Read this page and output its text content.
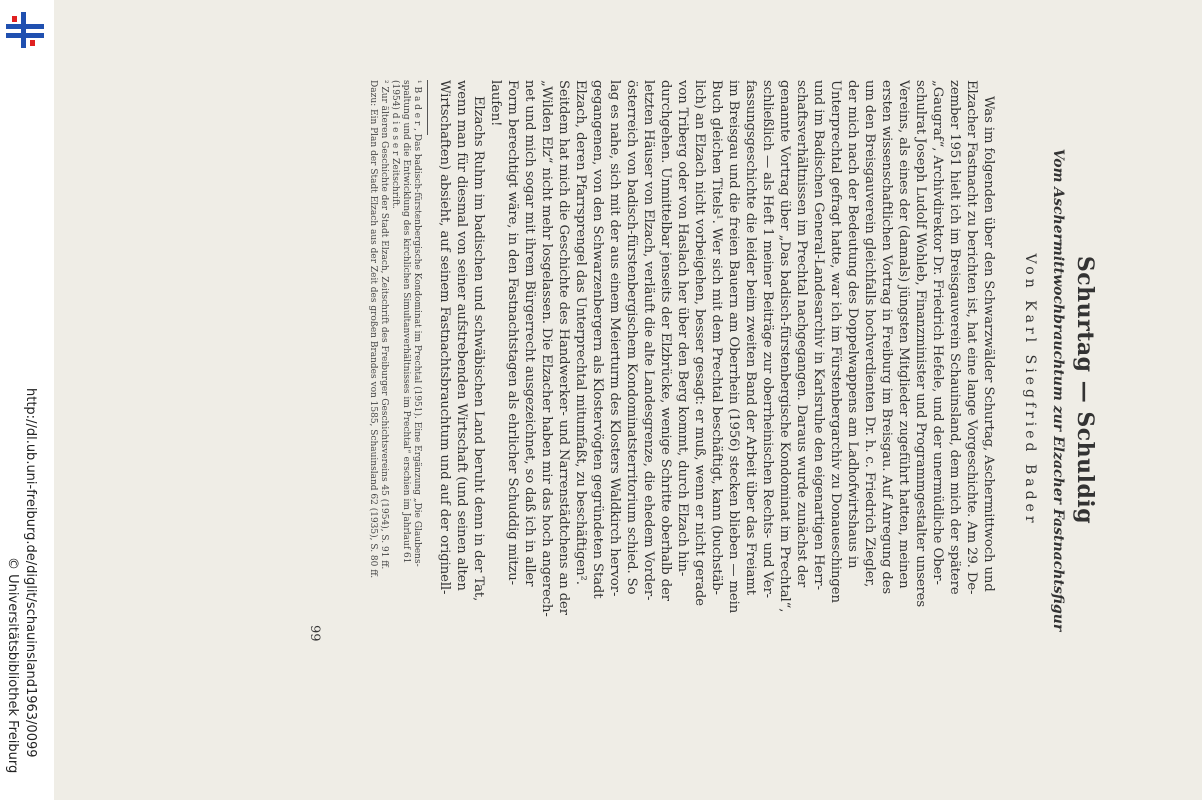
http://dl.ub.uni-freiburg.de/diglit/schauinsland1963/0099
© Universitätsbibliothek Freiburg
Schurtag — Schuldig
Vom Aschermittwochbrauchtum zur Elzacher Fastnachtsfigur
Von Karl Siegfried Bader
Was im folgenden über den Schwarzwälder Schurtag, Aschermittwoch und
Elzacher Fastnacht zu berichten ist, hat eine lange Vorgeschichte. Am 29. De-
zember 1951 hielt ich im Breisgauverein Schauinsland, dem mich der spätere
„Gaugraf“, Archivdirektor Dr. Friedrich Hefele, und der unermüdliche Ober-
schulrat Joseph Ludolf Wohleb, Finanzminister und Programmgestalter unseres
Vereins, als eines der (damals) jüngsten Mitglieder zugeführt hatten, meinen
ersten wissenschaftlichen Vortrag in Freiburg im Breisgau. Auf Anregung des
um den Breisgauverein gleichfalls hochverdienten Dr. h. c. Friedrich Ziegler,
der mich nach der Bedeutung des Doppelwappens am Ladhofwirtshaus in
Unterprechtal gefragt hatte, war ich im Fürstenbergarchiv zu Donaueschingen
und im Badischen General-Landesarchiv in Karlsruhe den eigenartigen Herr-
schaftsverhältnissen im Prechtal nachgegangen. Daraus wurde zunächst der
genannte Vortrag über „Das badisch-fürstenbergische Kondominat im Prechtal“,
schließlich — als Heft 1 meiner Beiträge zur oberrheinischen Rechts- und Ver-
fassungsgeschichte die leider beim zweiten Band der Arbeit über das Freiamt
im Breisgau und die freien Bauern am Oberrhein (1956) stecken blieben — mein
Buch gleichen Titels¹. Wer sich mit dem Prechtal beschäftigt, kann (buchstäb-
lich) an Elzach nicht vorbeigehen, besser gesagt: er muß, wenn er nicht gerade
von Triberg oder von Haslach her über den Berg kommt, durch Elzach hin-
durchgehen. Unmittelbar jenseits der Elzbrücke, wenige Schritte oberhalb der
letzten Häuser von Elzach, verläuft die alte Landesgrenze, die ehedem Vorder-
österreich von badisch-fürstenbergischem Kondominatsterritorium schied. So
lag es nahe, sich mit der aus einem Meierturm des Klosters Waldkirch hervor-
gegangenen, von den Schwarzenbergern als Klostervögten gegründeten Stadt
Elzach, deren Pfarrsprengel das Unterprechtal mitumfaßt, zu beschäftigen².
Seitdem hat mich die Geschichte des Handwerker- und Narrenstädtchens an der
„Wilden Elz“ nicht mehr losgelassen. Die Elzacher haben mir das hoch angerech-
net und mich sogar mit ihrem Bürgerrecht ausgezeichnet, so daß ich in aller
Form berechtigt wäre, in den Fastnachtstagen als ehrlicher Schuddig mitzu-
laufen!
Elzachs Ruhm im badischen und schwäbischen Land beruht denn in der Tat,
wenn man für diesmal von seiner aufstrebenden Wirtschaft (und seinen alten
Wirtschaften) absieht, auf seinem Fastnachtsbrauchtum und auf der originell-
¹ B a d e r , Das badisch-fürstenbergische Kondominat im Prechtal (1951). Eine Ergänzung „Die Glaubens-
spaltung und die Entwicklung des kirchlichen Simultanverhältnisses im Prechtal“ erschien im Jahrlauf 61
(1954) d i e s e r Zeitschrift.
² Zur älteren Geschichte der Stadt Elzach, Zeitschrift des Freiburger Geschichtsvereins 45 (1954), S. 91 ff.
Dazu: Ein Plan der Stadt Elzach aus der Zeit des großen Brandes von 1585, Schauinsland 62 (1935), S. 80 ff.
99
